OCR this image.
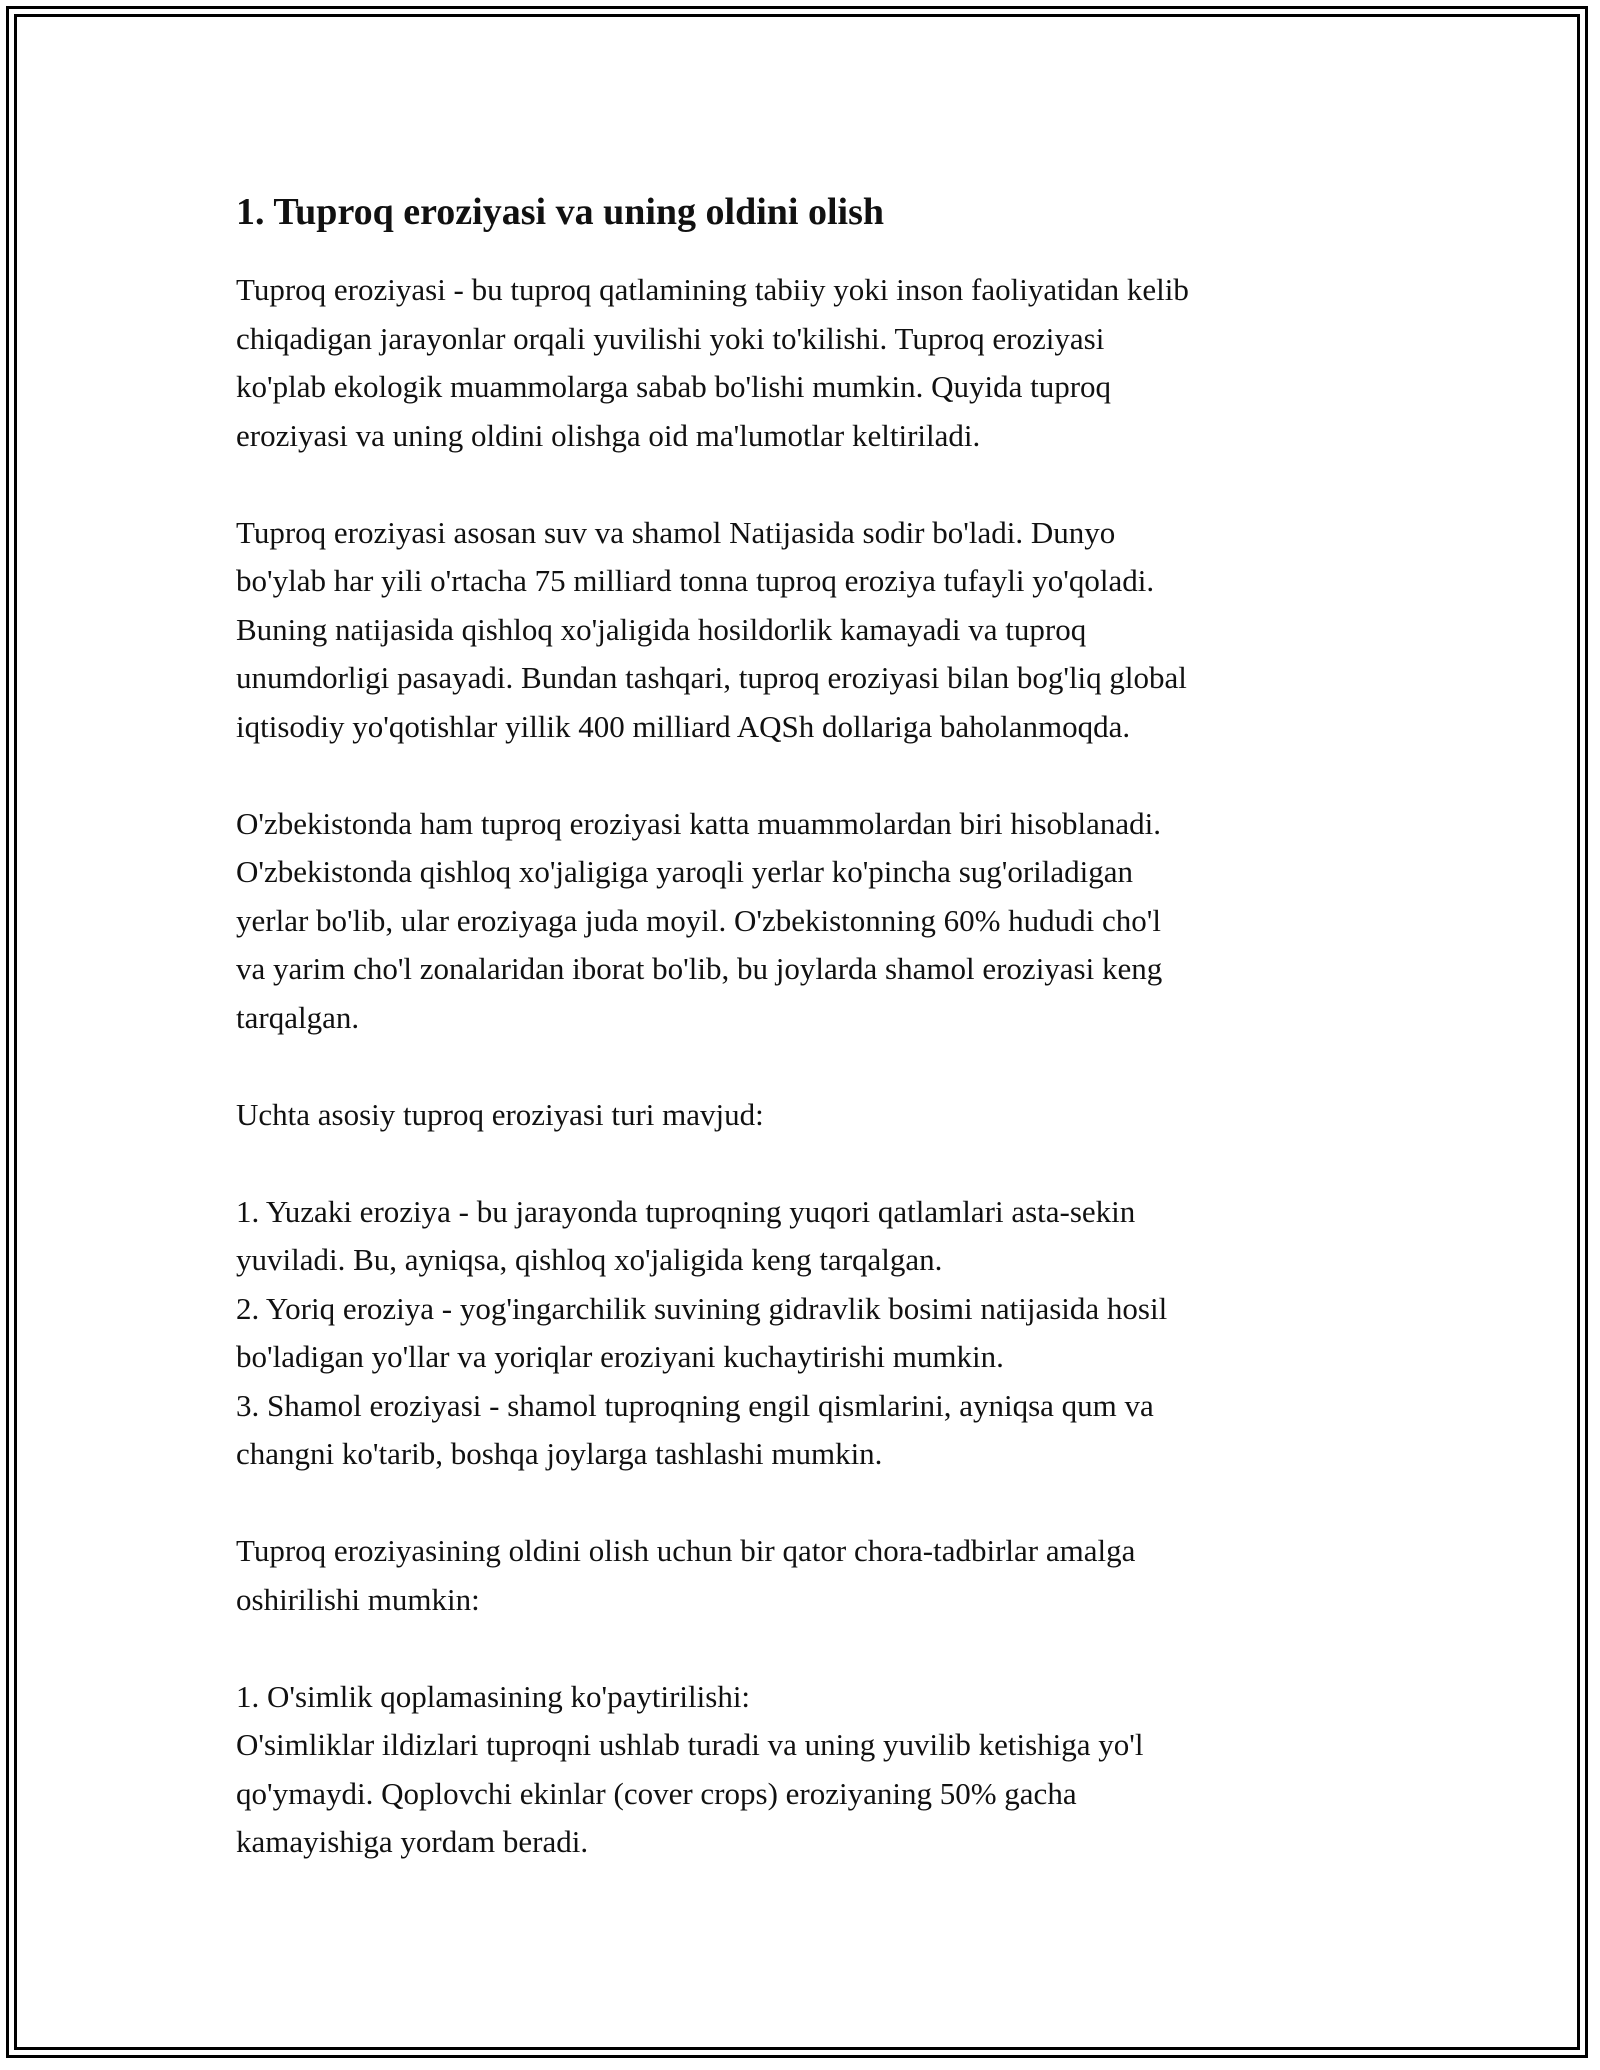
1. Tuproq eroziyasi va uning oldini olish

Tuproq eroziyasi - bu tuproq qatlamining tabiiy yoki inson faoliyatidan kelib
chiqadigan jarayonlar orqali yuvilishi yoki to'kilishi. Tuproq eroziyasi
ko'plab ekologik muammolarga sabab bo'lishi mumkin. Quyida tuproq
eroziyasi va uning oldini olishga oid ma'lumotlar keltiriladi.

Tuproq eroziyasi asosan suv va shamol Natijasida sodir bo'ladi. Dunyo
bo'ylab har yili o'rtacha 75 milliard tonna tuproq eroziya tufayli yo'qoladi.
Buning natijasida qishloq xo'jaligida hosildorlik kamayadi va tuproq
unumdorligi pasayadi. Bundan tashqari, tuproq eroziyasi bilan bog'liq global
iqtisodiy yo'qotishlar yillik 400 milliard AQSh dollariga baholanmoqda.

O'zbekistonda ham tuproq eroziyasi katta muammolardan biri hisoblanadi.
O'zbekistonda qishloq xo'jaligiga yaroqli yerlar ko'pincha sug'oriladigan
yerlar bo'lib, ular eroziyaga juda moyil. O'zbekistonning 60% hududi cho'l
va yarim cho'l zonalaridan iborat bo'lib, bu joylarda shamol eroziyasi keng
tarqalgan.

Uchta asosiy tuproq eroziyasi turi mavjud:

1. Yuzaki eroziya - bu jarayonda tuproqning yuqori qatlamlari asta-sekin
yuviladi. Bu, ayniqsa, qishloq xo'jaligida keng tarqalgan.
2. Yoriq eroziya - yog'ingarchilik suvining gidravlik bosimi natijasida hosil
bo'ladigan yo'llar va yoriqlar eroziyani kuchaytirishi mumkin.
3. Shamol eroziyasi - shamol tuproqning engil qismlarini, ayniqsa qum va
changni ko'tarib, boshqa joylarga tashlashi mumkin.

Tuproq eroziyasining oldini olish uchun bir qator chora-tadbirlar amalga
oshirilishi mumkin:

1. O'simlik qoplamasining ko'paytirilishi:
O'simliklar ildizlari tuproqni ushlab turadi va uning yuvilib ketishiga yo'l
qo'ymaydi. Qoplovchi ekinlar (cover crops) eroziyaning 50% gacha
kamayishiga yordam beradi.
